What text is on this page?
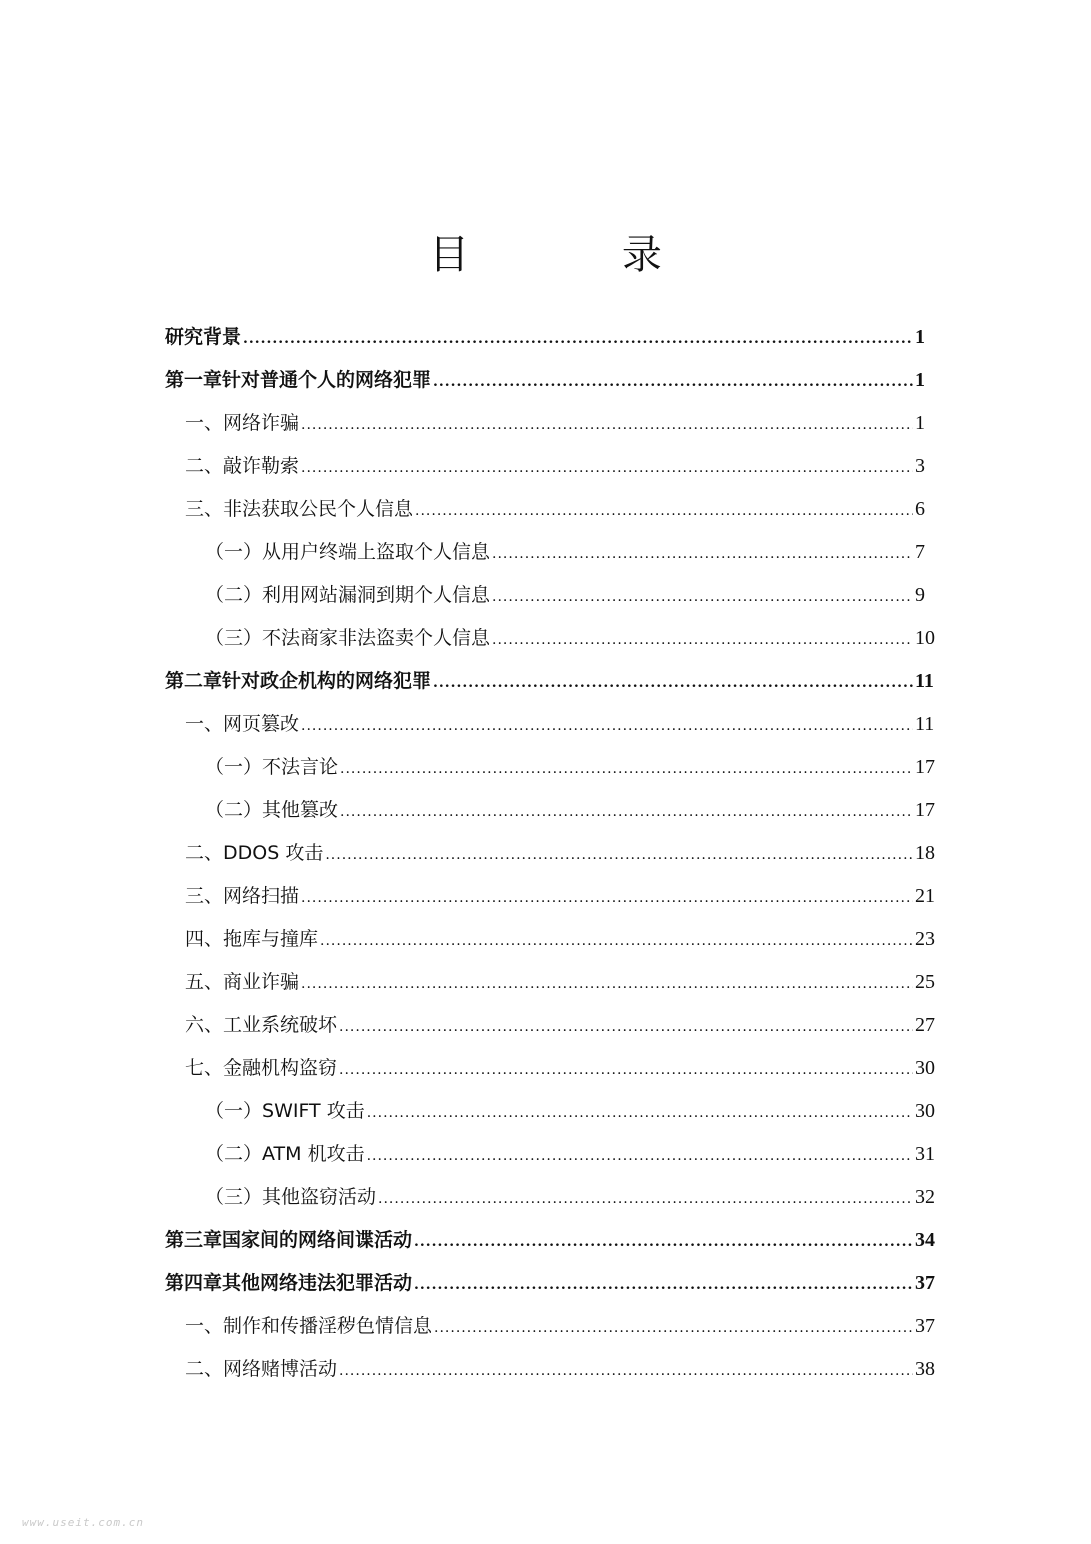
目 录
研究背景 .....	1
第一章 针对普通个人的网络犯罪 .....	1
一、 网络诈骗 .....	1
二、 敲诈勒索 .....	3
三、 非法获取公民个人信息 .....	6
（一） 从用户终端上盗取个人信息 .....	7
（二） 利用网站漏洞到期个人信息 .....	9
（三） 不法商家非法盗卖个人信息 .....	10
第二章 针对政企机构的网络犯罪 .....	11
一、 网页篡改 .....	11
（一） 不法言论 .....	17
（二） 其他篡改 .....	17
二、 DDOS 攻击 .....	18
三、 网络扫描 .....	21
四、 拖库与撞库 .....	23
五、 商业诈骗 .....	25
六、 工业系统破坏 .....	27
七、 金融机构盗窃 .....	30
（一） SWIFT 攻击 .....	30
（二） ATM 机攻击 .....	31
（三） 其他盗窃活动 .....	32
第三章 国家间的网络间谍活动 .....	34
第四章 其他网络违法犯罪活动 .....	37
一、 制作和传播淫秽色情信息 .....	37
二、 网络赌博活动 .....	38
www.useit.com.cn
